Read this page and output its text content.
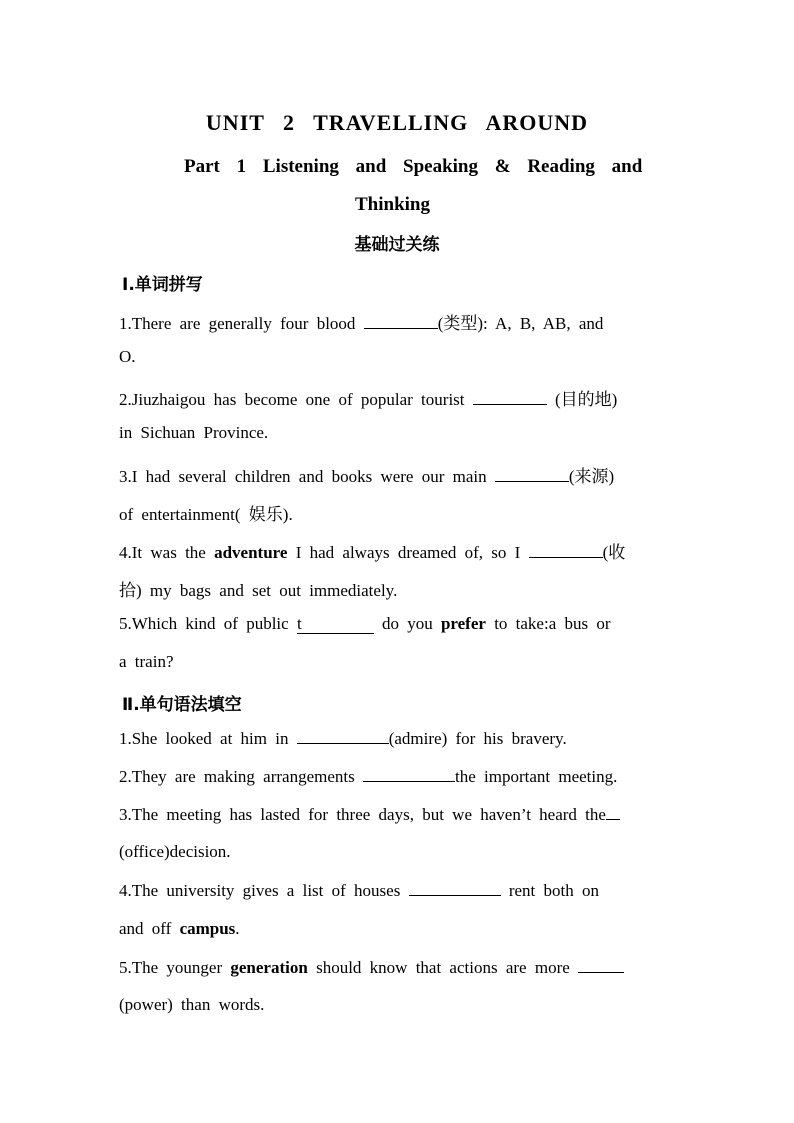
UNIT 2 TRAVELLING AROUND
Part 1 Listening and Speaking & Reading and
Thinking
基础过关练
Ⅰ.单词拼写
1.There are generally four blood	(类型): A, B, AB, and
O.
2.Jiuzhaigou has become one of popular tourist	(目的地)
in Sichuan Province.
3.I had several children and books were our main	(来源)
of entertainment( 娱乐).
4.It was the adventure I had always dreamed of, so I	(收
拾) my bags and set out immediately.
5.Which kind of public t	do you prefer to take:a bus or
a train?
Ⅱ.单句语法填空
1.She looked at him in	(admire) for his bravery.
2.They are making arrangements	the important meeting.
3.The meeting has lasted for three days, but we haven’t heard the
(office)decision.
4.The university gives a list of houses	rent both on
and off campus.
5.The younger generation should know that actions are more
(power) than words.
